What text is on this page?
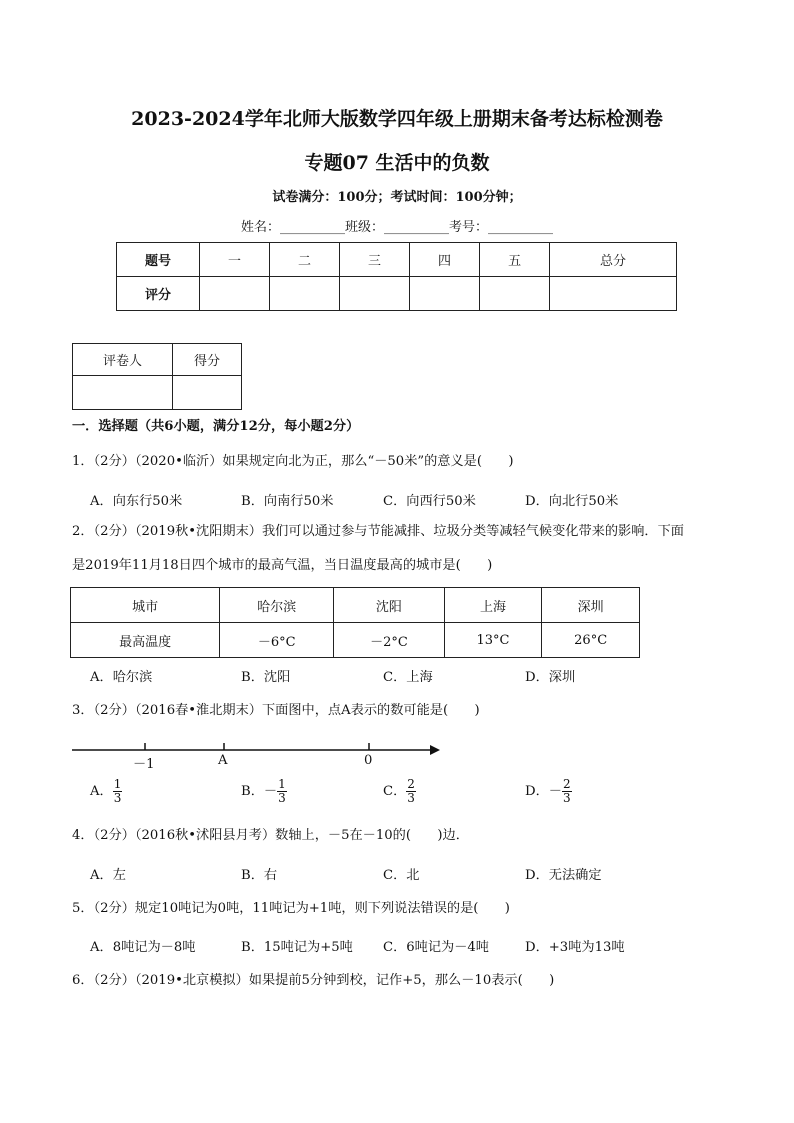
2023-2024学年北师大版数学四年级上册期末备考达标检测卷
专题07 生活中的负数
试卷满分：100分；考试时间：100分钟；
姓名：__________班级：__________考号：__________
题号	一	二	三	四	五	总分
评分						
评卷人	得分

一．选择题（共6小题，满分12分，每小题2分）
1．（2分）（2020•临沂）如果规定向北为正，那么“－50米”的意义是(　　)
A．向东行50米	B．向南行50米	C．向西行50米	D．向北行50米
2．（2分）（2019秋•沈阳期末）我们可以通过参与节能减排、垃圾分类等减轻气候变化带来的影响．下面
是2019年11月18日四个城市的最高气温，当日温度最高的城市是(　　)
城市	哈尔滨	沈阳	上海	深圳
最高温度	－6°C	－2°C	13°C	26°C
A．哈尔滨	B．沈阳	C．上海	D．深圳
3．（2分）（2016春•淮北期末）下面图中，点A表示的数可能是(　　)
－1	A	0
A． $\frac{1}{3}$	B．－ $\frac{1}{3}$	C． $\frac{2}{3}$	D．－ $\frac{2}{3}$
4．（2分）（2016秋•沭阳县月考）数轴上，－5在－10的(　　)边．
A．左	B．右	C．北	D．无法确定
5．（2分）规定10吨记为0吨，11吨记为+1吨，则下列说法错误的是(　　)
A．8吨记为－8吨	B．15吨记为+5吨 C．6吨记为－4吨	D．+3吨为13吨
6．（2分）（2019•北京模拟）如果提前5分钟到校，记作+5，那么－10表示(　　)
